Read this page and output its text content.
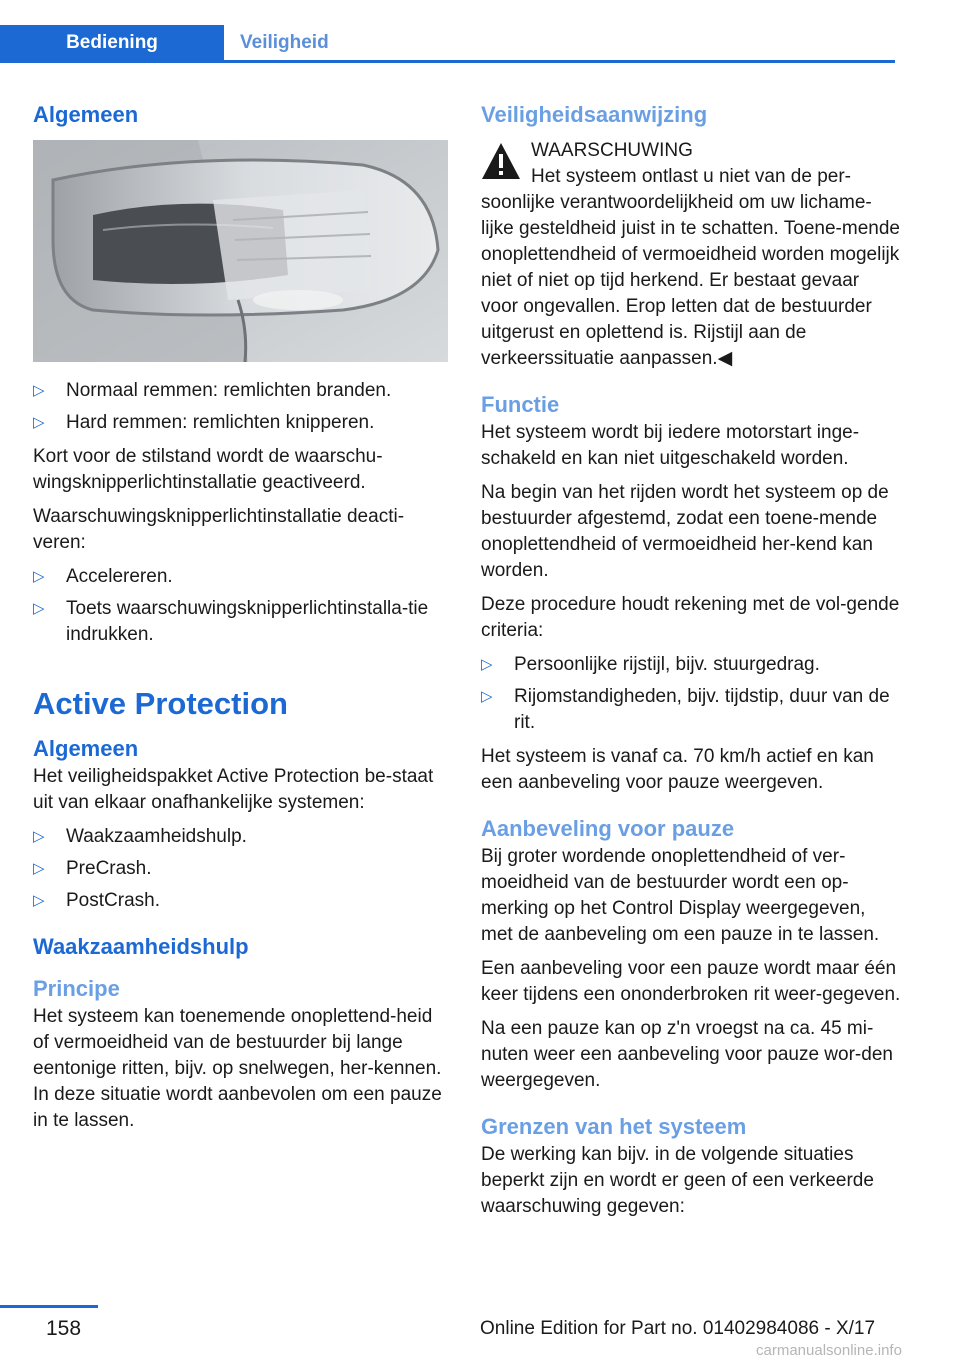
Bediening	Veiligheid
Algemeen
▷ Normaal remmen: remlichten branden.
▷ Hard remmen: remlichten knipperen.

Kort voor de stilstand wordt de waarschu-wingsknipperlichtinstallatie geactiveerd.

Waarschuwingsknipperlichtinstallatie deacti-veren:

▷ Accelereren.
▷ Toets waarschuwingsknipperlichtinstalla-tie indrukken.
Active Protection
Algemeen

Het veiligheidspakket Active Protection be-staat uit van elkaar onafhankelijke systemen:

▷ Waakzaamheidshulp.
▷ PreCrash.
▷ PostCrash.
Waakzaamheidshulp
Principe

Het systeem kan toenemende onoplettend-heid of vermoeidheid van de bestuurder bij lange eentonige ritten, bijv. op snelwegen, her-kennen. In deze situatie wordt aanbevolen om een pauze in te lassen.

Veiligheidsaanwijzing
WAARSCHUWING

Het systeem ontlast u niet van de per-soonlijke verantwoordelijkheid om uw lichame-lijke gesteldheid juist in te schatten. Toene-mende onoplettendheid of vermoeidheid worden mogelijk niet of niet op tijd herkend. Er bestaat gevaar voor ongevallen. Erop letten dat de bestuurder uitgerust en oplettend is. Rijstijl aan de verkeerssituatie aanpassen.◀

Functie

Het systeem wordt bij iedere motorstart inge-schakeld en kan niet uitgeschakeld worden.

Na begin van het rijden wordt het systeem op de bestuurder afgestemd, zodat een toene-mende onoplettendheid of vermoeidheid her-kend kan worden.

Deze procedure houdt rekening met de vol-gende criteria:

▷ Persoonlijke rijstijl, bijv. stuurgedrag.
▷ Rijomstandigheden, bijv. tijdstip, duur van de rit.

Het systeem is vanaf ca. 70 km/h actief en kan een aanbeveling voor pauze weergeven.

Aanbeveling voor pauze

Bij groter wordende onoplettendheid of ver-moeidheid van de bestuurder wordt een op-merking op het Control Display weergegeven, met de aanbeveling om een pauze in te lassen.

Een aanbeveling voor een pauze wordt maar één keer tijdens een ononderbroken rit weer-gegeven.

Na een pauze kan op z'n vroegst na ca. 45 mi-nuten weer een aanbeveling voor pauze wor-den weergegeven.

Grenzen van het systeem

De werking kan bijv. in de volgende situaties beperkt zijn en wordt er geen of een verkeerde waarschuwing gegeven:

158	Online Edition for Part no. 01402984086 - X/17
carmanualsonline.info
